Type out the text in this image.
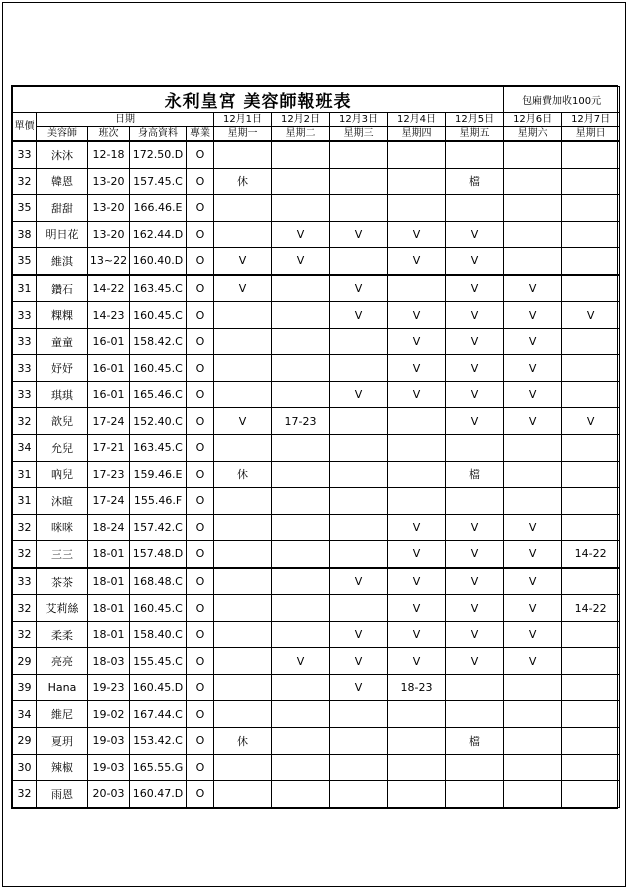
永利皇宮 美容師報班表										包廂費加收100元	
單價	日期				12月1日	12月2日	12月3日	12月4日	12月5日	12月6日	12月7日
	美容師	班次	身高資料	專業	星期一	星期二	星期三	星期四	星期五	星期六	星期日
33	沐沐	12-18	172.50.D	O							
32	韓恩	13-20	157.45.C	O	休				檔		
35	甜甜	13-20	166.46.E	O							
38	明日花	13-20	162.44.D	O		V	V	V	V		
35	維淇	13~22	160.40.D	O	V	V		V	V		
31	鑽石	14-22	163.45.C	O	V		V		V	V	
33	粿粿	14-23	160.45.C	O			V	V	V	V	V
33	童童	16-01	158.42.C	O				V	V	V	
33	妤妤	16-01	160.45.C	O				V	V	V	
33	琪琪	16-01	165.46.C	O			V	V	V	V	
32	歆兒	17-24	152.40.C	O	V	17-23			V	V	V
34	允兒	17-21	163.45.C	O							
31	吶兒	17-23	159.46.E	O	休				檔		
31	沐暄	17-24	155.46.F	O							
32	咪咪	18-24	157.42.C	O				V	V	V	
32	三三	18-01	157.48.D	O				V	V	V	14-22
33	茶茶	18-01	168.48.C	O			V	V	V	V	
32	艾莉絲	18-01	160.45.C	O				V	V	V	14-22
32	柔柔	18-01	158.40.C	O			V	V	V	V	
29	亮亮	18-03	155.45.C	O		V	V	V	V	V	
39	Hana	19-23	160.45.D	O			V	18-23			
34	維尼	19-02	167.44.C	O							
29	夏玥	19-03	153.42.C	O	休				檔		
30	辣椒	19-03	165.55.G	O							
32	雨恩	20-03	160.47.D	O							
